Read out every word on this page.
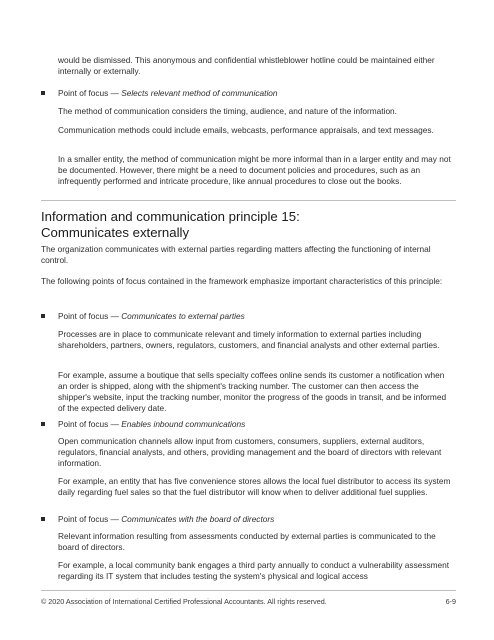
would be dismissed. This anonymous and confidential whistleblower hotline could be maintained either internally or externally.

Point of focus — Selects relevant method of communication

The method of communication considers the timing, audience, and nature of the information.

Communication methods could include emails, webcasts, performance appraisals, and text messages.

In a smaller entity, the method of communication might be more informal than in a larger entity and may not be documented. However, there might be a need to document policies and procedures, such as an infrequently performed and intricate procedure, like annual procedures to close out the books.

Information and communication principle 15:
Communicates externally

The organization communicates with external parties regarding matters affecting the functioning of internal control.

The following points of focus contained in the framework emphasize important characteristics of this principle:

Point of focus — Communicates to external parties

Processes are in place to communicate relevant and timely information to external parties including shareholders, partners, owners, regulators, customers, and financial analysts and other external parties.

For example, assume a boutique that sells specialty coffees online sends its customer a notification when an order is shipped, along with the shipment's tracking number. The customer can then access the shipper's website, input the tracking number, monitor the progress of the goods in transit, and be informed of the expected delivery date.

Point of focus — Enables inbound communications

Open communication channels allow input from customers, consumers, suppliers, external auditors, regulators, financial analysts, and others, providing management and the board of directors with relevant information.

For example, an entity that has five convenience stores allows the local fuel distributor to access its system daily regarding fuel sales so that the fuel distributor will know when to deliver additional fuel supplies.

Point of focus — Communicates with the board of directors

Relevant information resulting from assessments conducted by external parties is communicated to the board of directors.

For example, a local community bank engages a third party annually to conduct a vulnerability assessment regarding its IT system that includes testing the system's physical and logical access

© 2020 Association of International Certified Professional Accountants. All rights reserved.	6-9
